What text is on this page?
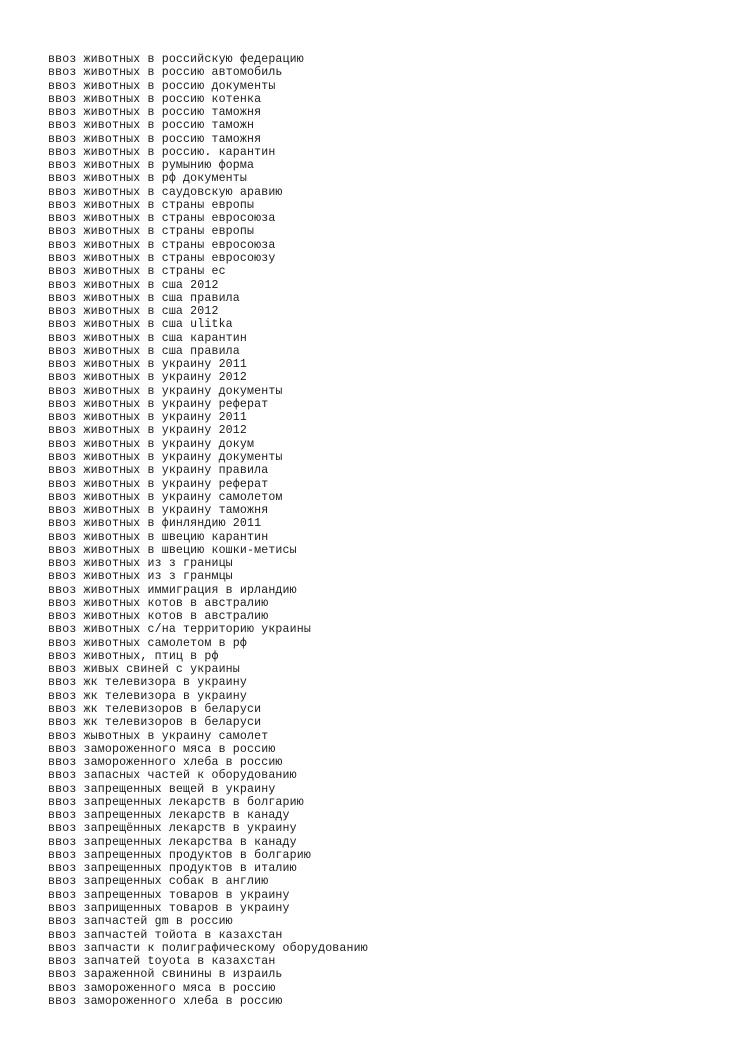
ввоз животных в российскую федерацию
ввоз животных в россию автомобиль
ввоз животных в россию документы
ввоз животных в россию котенка
ввоз животных в россию таможня
ввоз животных в россию таможн
ввоз животных в россию таможня
ввоз животных в россию. карантин
ввоз животных в румынию форма
ввоз животных в рф документы
ввоз животных в саудовскую аравию
ввоз животных в страны европы
ввоз животных в страны евросоюза
ввоз животных в страны европы
ввоз животных в страны евросоюза
ввоз животных в страны евросоюзу
ввоз животных в страны ес
ввоз животных в сша 2012
ввоз животных в сша правила
ввоз животных в сша 2012
ввоз животных в сша ulitka
ввоз животных в сша карантин
ввоз животных в сша правила
ввоз животных в украину 2011
ввоз животных в украину 2012
ввоз животных в украину документы
ввоз животных в украину реферат
ввоз животных в украину 2011
ввоз животных в украину 2012
ввоз животных в украину докум
ввоз животных в украину документы
ввоз животных в украину правила
ввоз животных в украину реферат
ввоз животных в украину самолетом
ввоз животных в украину таможня
ввоз животных в финляндию 2011
ввоз животных в швецию карантин
ввоз животных в швецию кошки-метисы
ввоз животных из з границы
ввоз животных из з гранмцы
ввоз животных иммиграция в ирландию
ввоз животных котов в австралию
ввоз животных котов в австралию
ввоз животных с/на территорию украины
ввоз животных самолетом в рф
ввоз животных, птиц в рф
ввоз живых свиней с украины
ввоз жк телевизора в украину
ввоз жк телевизора в украину
ввоз жк телевизоров в беларуси
ввоз жк телевизоров в беларуси
ввоз жывотных в украину самолет
ввоз замороженного мяса в россию
ввоз замороженного хлеба в россию
ввоз запасных частей к оборудованию
ввоз запрещенных вещей в украину
ввоз запрещенных лекарств в болгарию
ввоз запрещенных лекарств в канаду
ввоз запрещённых лекарств в украину
ввоз запрещенных лекарства в канаду
ввоз запрещенных продуктов в болгарию
ввоз запрещенных продуктов в италию
ввоз запрещенных собак в англию
ввоз запрещенных товаров в украину
ввоз заприщенных товаров в украину
ввоз запчастей gm в россию
ввоз запчастей тойота в казахстан
ввоз запчасти к полиграфическому оборудованию
ввоз запчатей toyota в казахстан
ввоз зараженной свинины в израиль
ввоз замороженного мяса в россию
ввоз замороженного хлеба в россию
